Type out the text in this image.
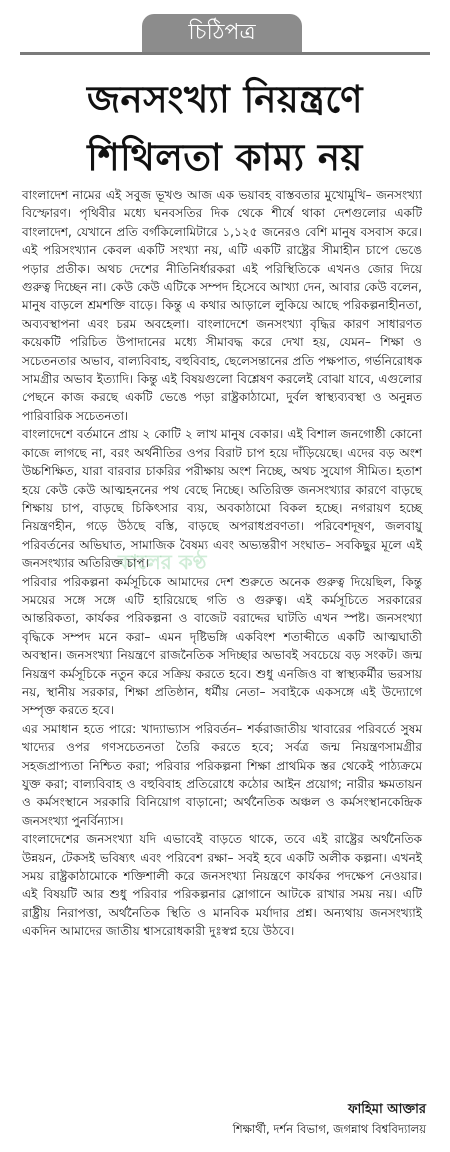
চিঠিপত্র
জনসংখ্যা নিয়ন্ত্রণে
শিথিলতা কাম্য নয়
কালের কণ্ঠ

বাংলাদেশ নামের এই সবুজ ভূখণ্ড আজ এক ভয়াবহ বাস্তবতার মুখোমুখি– জনসংখ্যা বিস্ফোরণ। পৃথিবীর মধ্যে ঘনবসতির দিক থেকে শীর্ষে থাকা দেশগুলোর একটি বাংলাদেশ, যেখানে প্রতি বর্গকিলোমিটারে ১,১২৫ জনেরও বেশি মানুষ বসবাস করে। এই পরিসংখ্যান কেবল একটি সংখ্যা নয়, এটি একটি রাষ্ট্রের সীমাহীন চাপে ভেঙে পড়ার প্রতীক। অথচ দেশের নীতিনির্ধারকরা এই পরিস্থিতিকে এখনও জোর দিয়ে গুরুত্ব দিচ্ছেন না। কেউ কেউ এটিকে সম্পদ হিসেবে আখ্যা দেন, আবার কেউ বলেন, মানুষ বাড়লে শ্রমশক্তি বাড়ে। কিন্তু এ কথার আড়ালে লুকিয়ে আছে পরিকল্পনাহীনতা, অব্যবস্থাপনা এবং চরম অবহেলা। বাংলাদেশে জনসংখ্যা বৃদ্ধির কারণ সাধারণত কয়েকটি পরিচিত উপাদানের মধ্যে সীমাবদ্ধ করে দেখা হয়, যেমন– শিক্ষা ও সচেতনতার অভাব, বাল্যবিবাহ, বহুবিবাহ, ছেলেসন্তানের প্রতি পক্ষপাত, গর্ভনিরোধক সামগ্রীর অভাব ইত্যাদি। কিন্তু এই বিষয়গুলো বিশ্লেষণ করলেই বোঝা যাবে, এগুলোর পেছনে কাজ করছে একটি ভেঙে পড়া রাষ্ট্রকাঠামো, দুর্বল স্বাস্থ্যব্যবস্থা ও অনুন্নত পারিবারিক সচেতনতা।

বাংলাদেশে বর্তমানে প্রায় ২ কোটি ২ লাখ মানুষ বেকার। এই বিশাল জনগোষ্ঠী কোনো কাজে লাগছে না, বরং অর্থনীতির ওপর বিরাট চাপ হয়ে দাঁড়িয়েছে। এদের বড় অংশ উচ্চশিক্ষিত, যারা বারবার চাকরির পরীক্ষায় অংশ নিচ্ছে, অথচ সুযোগ সীমিত। হতাশ হয়ে কেউ কেউ আত্মহননের পথ বেছে নিচ্ছে। অতিরিক্ত জনসংখ্যার কারণে বাড়ছে শিক্ষায় চাপ, বাড়ছে চিকিৎসার ব্যয়, অবকাঠামো বিকল হচ্ছে। নগরায়ণ হচ্ছে নিয়ন্ত্রণহীন, গড়ে উঠছে বস্তি, বাড়ছে অপরাধপ্রবণতা। পরিবেশদূষণ, জলবায়ু পরিবর্তনের অভিঘাত, সামাজিক বৈষম্য এবং অভ্যন্তরীণ সংঘাত– সবকিছুর মূলে এই জনসংখ্যার অতিরিক্ত চাপ।

পরিবার পরিকল্পনা কর্মসূচিকে আমাদের দেশ শুরুতে অনেক গুরুত্ব দিয়েছিল, কিন্তু সময়ের সঙ্গে সঙ্গে এটি হারিয়েছে গতি ও গুরুত্ব। এই কর্মসূচিতে সরকারের আন্তরিকতা, কার্যকর পরিকল্পনা ও বাজেট বরাদ্দের ঘাটতি এখন স্পষ্ট। জনসংখ্যা বৃদ্ধিকে সম্পদ মনে করা– এমন দৃষ্টিভঙ্গি একবিংশ শতাব্দীতে একটি আত্মঘাতী অবস্থান। জনসংখ্যা নিয়ন্ত্রণে রাজনৈতিক সদিচ্ছার অভাবই সবচেয়ে বড় সংকট। জন্ম নিয়ন্ত্রণ কর্মসূচিকে নতুন করে সক্রিয় করতে হবে। শুধু এনজিও বা স্বাস্থ্যকর্মীর ভরসায় নয়, স্থানীয় সরকার, শিক্ষা প্রতিষ্ঠান, ধর্মীয় নেতা– সবাইকে একসঙ্গে এই উদ্যোগে সম্পৃক্ত করতে হবে।

এর সমাধান হতে পারে: খাদ্যাভ্যাস পরিবর্তন– শর্করাজাতীয় খাবারের পরিবর্তে সুষম খাদ্যের ওপর গণসচেতনতা তৈরি করতে হবে; সর্বত্র জন্ম নিয়ন্ত্রণসামগ্রীর সহজপ্রাপ্যতা নিশ্চিত করা; পরিবার পরিকল্পনা শিক্ষা প্রাথমিক স্তর থেকেই পাঠ্যক্রমে যুক্ত করা; বাল্যবিবাহ ও বহুবিবাহ প্রতিরোধে কঠোর আইন প্রয়োগ; নারীর ক্ষমতায়ন ও কর্মসংস্থানে সরকারি বিনিয়োগ বাড়ানো; অর্থনৈতিক অঞ্চল ও কর্মসংস্থানকেন্দ্রিক জনসংখ্যা পুনর্বিন্যাস।

বাংলাদেশের জনসংখ্যা যদি এভাবেই বাড়তে থাকে, তবে এই রাষ্ট্রের অর্থনৈতিক উন্নয়ন, টেকসই ভবিষ্যৎ এবং পরিবেশ রক্ষা– সবই হবে একটি অলীক কল্পনা। এখনই সময় রাষ্ট্রকাঠামোকে শক্তিশালী করে জনসংখ্যা নিয়ন্ত্রণে কার্যকর পদক্ষেপ নেওয়ার। এই বিষয়টি আর শুধু পরিবার পরিকল্পনার স্লোগানে আটকে রাখার সময় নয়। এটি রাষ্ট্রীয় নিরাপত্তা, অর্থনৈতিক স্থিতি ও মানবিক মর্যাদার প্রশ্ন। অন্যথায় জনসংখ্যাই একদিন আমাদের জাতীয় শ্বাসরোধকারী দুঃস্বপ্ন হয়ে উঠবে।

ফাহিমা আক্তার
শিক্ষার্থী, দর্শন বিভাগ, জগন্নাথ বিশ্ববিদ্যালয়
